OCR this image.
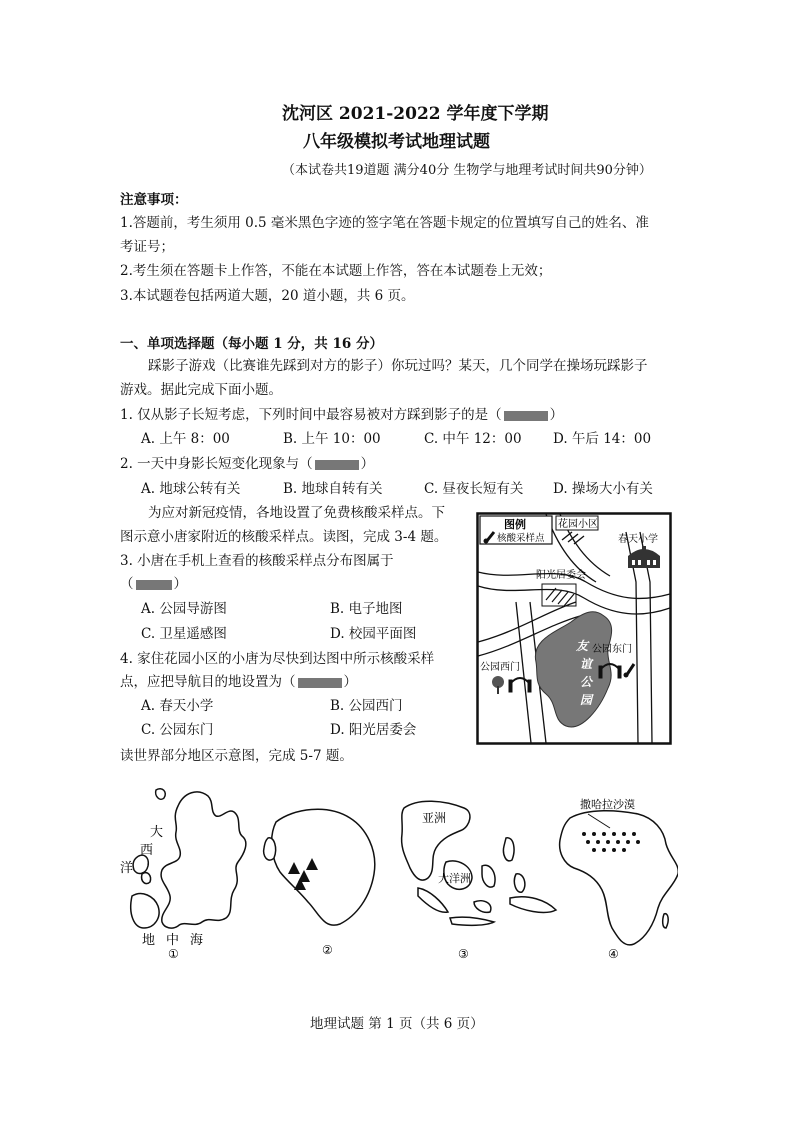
沈河区 2021-2022 学年度下学期
八年级模拟考试地理试题
（本试卷共19道题 满分40分 生物学与地理考试时间共90分钟）
注意事项：
1.答题前，考生须用 0.5 毫米黑色字迹的签字笔在答题卡规定的位置填写自己的姓名、准
考证号；
2.考生须在答题卡上作答，不能在本试题上作答，答在本试题卷上无效；
3.本试题卷包括两道大题，20 道小题，共 6 页。
一、单项选择题（每小题 1 分，共 16 分）
踩影子游戏（比赛谁先踩到对方的影子）你玩过吗？某天，几个同学在操场玩踩影子
游戏。据此完成下面小题。
1. 仅从影子长短考虑，下列时间中最容易被对方踩到影子的是（	）
A. 上午 8：00	B. 上午 10：00	C. 中午 12：00 D. 午后 14：00
2. 一天中身影长短变化现象与（	）
A. 地球公转有关	B. 地球自转有关	C. 昼夜长短有关 D. 操场大小有关
为应对新冠疫情，各地设置了免费核酸采样点。下
图示意小唐家附近的核酸采样点。读图，完成 3-4 题。
3. 小唐在手机上查看的核酸采样点分布图属于
（	）
A. 公园导游图	B. 电子地图
C. 卫星遥感图	D. 校园平面图
4. 家住花园小区的小唐为尽快到达图中所示核酸采样
点，应把导航目的地设置为（	）
A. 春天小学	B. 公园西门
C. 公园东门	D. 阳光居委会
读世界部分地区示意图，完成 5-7 题。
图例
核酸采样点
花园小区
春天小学
阳光居委会
友
谊
公
园
公园东门
公园西门
大
西
洋
地 中 海
①	②
亚洲
大洋洲
③
撒哈拉沙漠
④
地理试题 第 1 页（共 6 页）
